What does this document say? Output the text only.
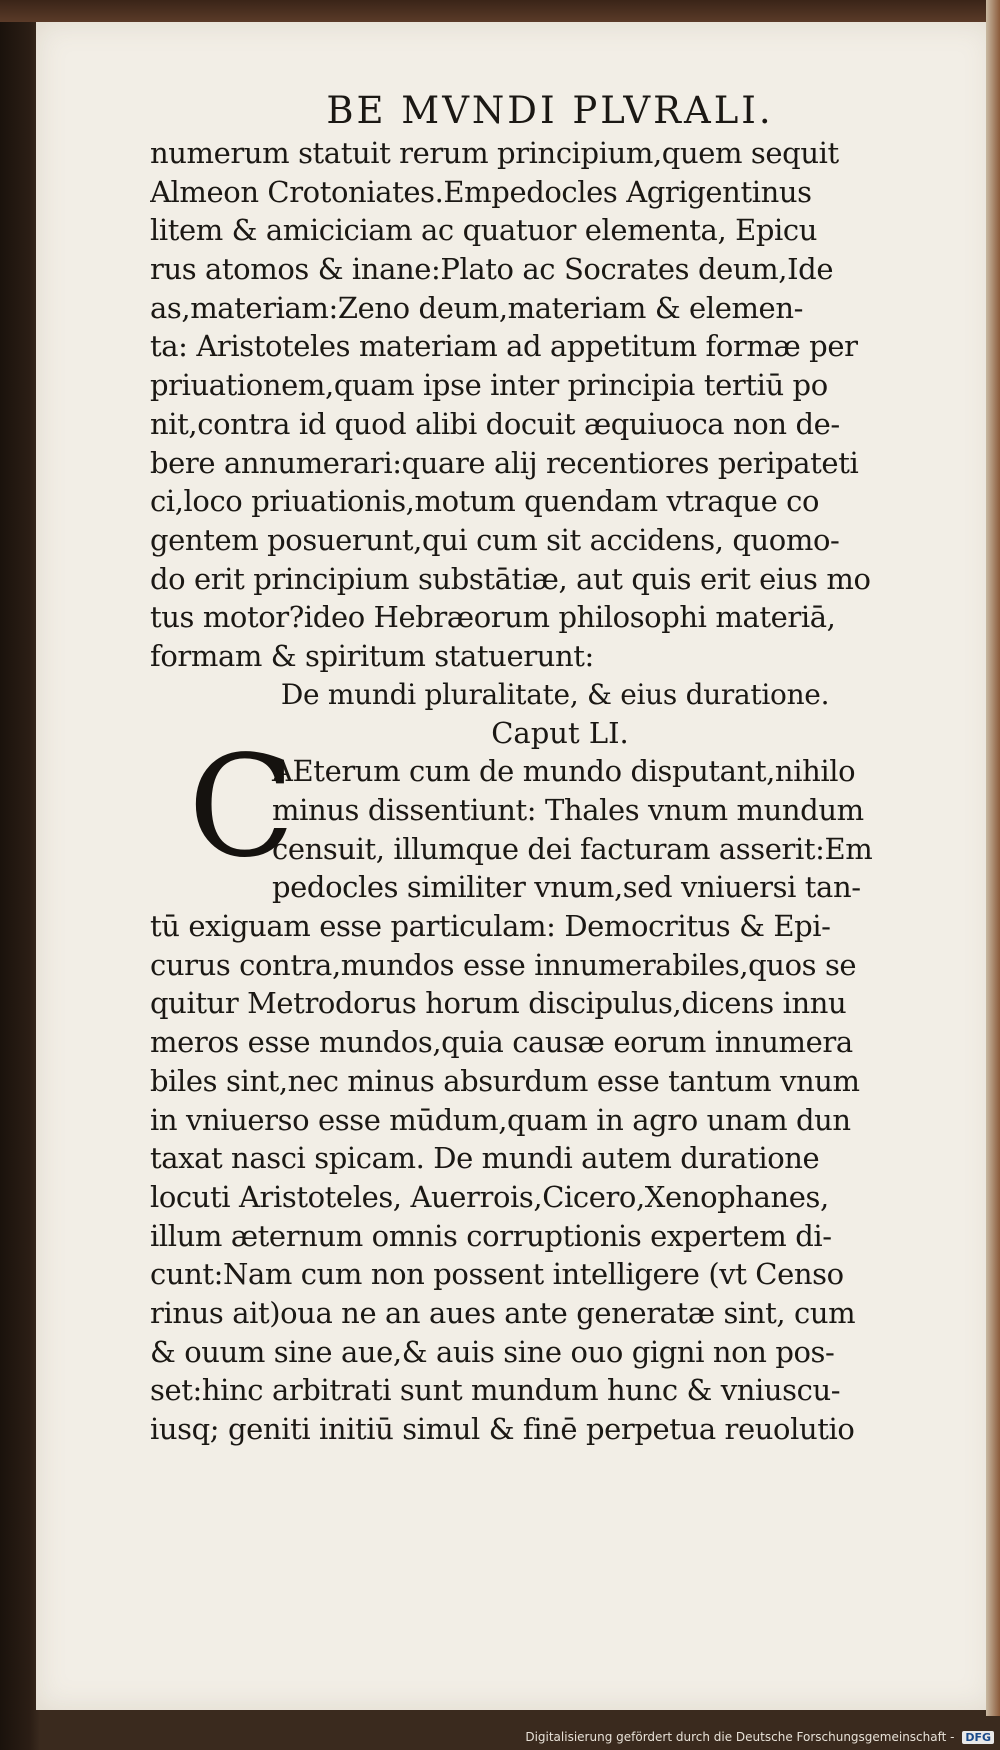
BE MVNDI PLVRALI.
numerum statuit rerum principium,quem sequit
Almeon Crotoniates.Empedocles Agrigentinus
litem & amiciciam ac quatuor elementa, Epicu
rus atomos & inane:Plato ac Socrates deum,Ide
as,materiam:Zeno deum,materiam & elemen-
ta: Aristoteles materiam ad appetitum formæ per
priuationem,quam ipse inter principia tertiū po
nit,contra id quod alibi docuit æquiuoca non de-
bere annumerari:quare alij recentiores peripateti
ci,loco priuationis,motum quendam vtraque co
gentem posuerunt,qui cum sit accidens, quomo-
do erit principium substātiæ, aut quis erit eius mo
tus motor?ideo Hebræorum philosophi materiā,
formam & spiritum statuerunt:
De mundi pluralitate, & eius duratione.
Caput LI.
C
AEterum cum de mundo disputant,nihilo
minus dissentiunt: Thales vnum mundum
censuit, illumque dei facturam asserit:Em
pedocles similiter vnum,sed vniuersi tan-
tū exiguam esse particulam: Democritus & Epi-
curus contra,mundos esse innumerabiles,quos se
quitur Metrodorus horum discipulus,dicens innu
meros esse mundos,quia causæ eorum innumera
biles sint,nec minus absurdum esse tantum vnum
in vniuerso esse mūdum,quam in agro unam dun
taxat nasci spicam. De mundi autem duratione
locuti Aristoteles, Auerrois,Cicero,Xenophanes,
illum æternum omnis corruptionis expertem di-
cunt:Nam cum non possent intelligere (vt Censo
rinus ait)oua ne an aues ante generatæ sint, cum
& ouum sine aue,& auis sine ouo gigni non pos-
set:hinc arbitrati sunt mundum hunc & vniuscu-
iusq; geniti initiū simul & finē perpetua reuolutio
Digitalisierung gefördert durch die Deutsche Forschungsgemeinschaft - DFG
